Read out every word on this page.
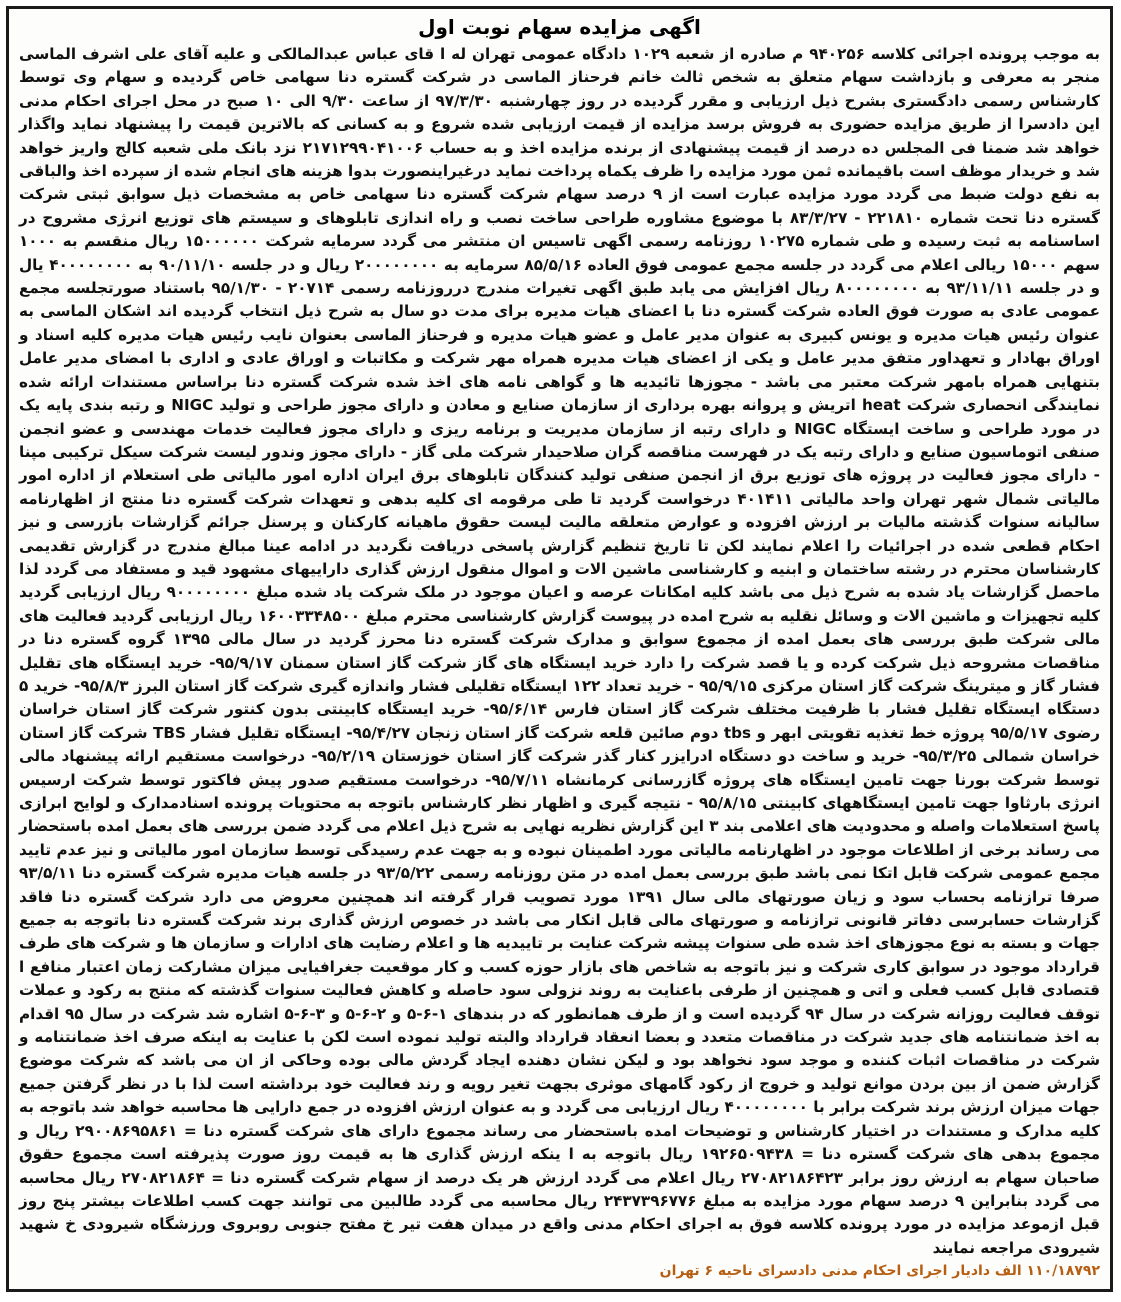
اگهی مزایده سهام نوبت اول

به موجب پرونده اجرائی کلاسه ۹۴۰۲۵۶ م صادره از شعبه ۱۰۲۹ دادگاه عمومی تهران له ا قای عباس عبدالمالکی و علیه آقای علی اشرف الماسی منجر به معرفی و بازداشت سهام متعلق به شخص ثالث خانم فرحناز الماسی در شرکت گستره دنا سهامی خاص گردیده و سهام وی توسط کارشناس رسمی دادگستری بشرح ذیل ارزیابی و مقرر گردیده در روز چهارشنبه ۹۷/۳/۳۰ از ساعت ۹/۳۰ الی ۱۰ صبح در محل اجرای احکام مدنی این دادسرا از طریق مزایده حضوری به فروش برسد مزایده از قیمت ارزیابی شده شروع و به کسانی که بالاترین قیمت را پیشنهاد نماید واگذار خواهد شد ضمنا فی المجلس ده درصد از قیمت پیشنهادی از برنده مزایده اخذ و به حساب ۲۱۷۱۲۹۹۰۴۱۰۰۶ نزد بانک ملی شعبه کالج واریز خواهد شد و خریدار موظف است باقیمانده ثمن مورد مزایده را ظرف یکماه پرداخت نماید درغیراینصورت بدوا هزینه های انجام شده از سپرده اخذ والباقی به نفع دولت ضبط می گردد مورد مزایده عبارت است از ۹ درصد سهام شرکت گستره دنا سهامی خاص به مشخصات ذیل سوابق ثبتی شرکت گستره دنا تحت شماره ۲۲۱۸۱۰ - ۸۳/۳/۲۷ با موضوع مشاوره طراحی ساخت نصب و راه اندازی تابلوهای و سیستم های توزیع انرژی مشروح در اساسنامه به ثبت رسیده و طی شماره ۱۰۲۷۵ روزنامه رسمی اگهی تاسیس ان منتشر می گردد سرمایه شرکت ۱۵۰۰۰۰۰۰ ریال منقسم به ۱۰۰۰ سهم ۱۵۰۰۰ ریالی اعلام می گردد در جلسه مجمع عمومی فوق العاده ۸۵/۵/۱۶ سرمایه به ۲۰۰۰۰۰۰۰۰ ریال و در جلسه ۹۰/۱۱/۱۰ به ۴۰۰۰۰۰۰۰۰ یال و در جلسه ۹۳/۱۱/۱۱ به ۸۰۰۰۰۰۰۰۰ ریال افزایش می یابد طبق اگهی تغیرات مندرج درروزنامه رسمی ۲۰۷۱۴ - ۹۵/۱/۳۰ باستناد صورتجلسه مجمع عمومی عادی به صورت فوق العاده شرکت گستره دنا با اعضای هیات مدیره برای مدت دو سال به شرح ذیل انتخاب گردیده اند اشکان الماسی به عنوان رئیس هیات مدیره و یونس کبیری به عنوان مدیر عامل و عضو هیات مدیره و فرحناز الماسی بعنوان نایب رئیس هیات مدیره کلیه اسناد و اوراق بهادار و تعهداور متفق مدیر عامل و یکی از اعضای هیات مدیره همراه مهر شرکت و مکاتبات و اوراق عادی و اداری با امضای مدیر عامل بتنهایی همراه بامهر شرکت معتبر می باشد - مجوزها تائیدیه ها و گواهی نامه های اخذ شده شرکت گستره دنا براساس مستندات ارائه شده نمایندگی انحصاری شرکت heat اتریش و پروانه بهره برداری از سازمان صنایع و معادن و دارای مجوز طراحی و تولید NIGC و رتبه بندی پایه یک در مورد طراحی و ساخت ایستگاه NIGC و دارای رتبه از سازمان مدیریت و برنامه ریزی و دارای مجوز فعالیت خدمات مهندسی و عضو انجمن صنفی اتوماسیون صنایع و دارای رتبه یک در فهرست مناقصه گران صلاحیدار شرکت ملی گاز - دارای مجوز وندور لیست شرکت سیکل ترکیبی مپنا - دارای مجوز فعالیت در پروژه های توزیع برق از انجمن صنفی تولید کنندگان تابلوهای برق ایران اداره امور مالیاتی طی استعلام از اداره امور مالیاتی شمال شهر تهران واحد مالیاتی ۴۰۱۴۱۱ درخواست گردید تا طی مرقومه ای کلیه بدهی و تعهدات شرکت گستره دنا منتج از اظهارنامه سالیانه سنوات گذشته مالیات بر ارزش افزوده و عوارض متعلقه مالیت لیست حقوق ماهیانه کارکنان و پرسنل جرائم گزارشات بازرسی و نیز احکام قطعی شده در اجرائیات را اعلام نمایند لکن تا تاریخ تنظیم گزارش پاسخی دریافت نگردید در ادامه عینا مبالغ مندرج در گزارش تقدیمی کارشناسان محترم در رشته ساختمان و ابنیه و کارشناسی ماشین الات و اموال منقول ارزش گذاری داراییهای مشهود قید و مستفاد می گردد لذا ماحصل گزارشات یاد شده به شرح ذیل می باشد کلیه امکانات عرصه و اعیان موجود در ملک شرکت یاد شده مبلغ ۹۰۰۰۰۰۰۰۰ ریال ارزیابی گردید کلیه تجهیزات و ماشین الات و وسائل نقلیه به شرح امده در پیوست گزارش کارشناسی محترم مبلغ ۱۶۰۰۳۳۴۸۵۰۰ ریال ارزیابی گردید فعالیت های مالی شرکت طبق بررسی های بعمل امده از مجموع سوابق و مدارک شرکت گستره دنا محرز گردید در سال مالی ۱۳۹۵ گروه گستره دنا در مناقصات مشروحه ذیل شرکت کرده و یا قصد شرکت را دارد خرید ایستگاه های گاز شرکت گاز استان سمنان ۹۵/۹/۱۷- خرید ایستگاه های تقلیل فشار گاز و میترینگ شرکت گاز استان مرکزی ۹۵/۹/۱۵ - خرید تعداد ۱۲۲ ایستگاه تقلیلی فشار واندازه گیری شرکت گاز استان البرز ۹۵/۸/۳- خرید ۵ دستگاه ایستگاه تقلیل فشار با ظرفیت مختلف شرکت گاز استان فارس ۹۵/۶/۱۴- خرید ایستگاه کابینتی بدون کنتور شرکت گاز استان خراسان رضوی ۹۵/۵/۱۷ پروژه خط تغذیه تقویتی ابهر و tbs دوم صائین قلعه شرکت گاز استان زنجان ۹۵/۴/۲۷- ایستگاه تقلیل فشار TBS شرکت گاز استان خراسان شمالی ۹۵/۳/۲۵- خرید و ساخت دو دستگاه ادرایزر کنار گذر شرکت گاز استان خوزستان ۹۵/۲/۱۹- درخواست مستقیم ارائه پیشنهاد مالی توسط شرکت بورنا جهت تامین ایستگاه های پروژه گازرسانی کرمانشاه ۹۵/۷/۱۱- درخواست مستقیم صدور پیش فاکتور توسط شرکت ارسیس انرژی بارثاوا جهت تامین ایستگاههای کابینتی ۹۵/۸/۱۵ - نتیجه گیری و اظهار نظر کارشناس باتوجه به محتویات پرونده اسنادمدارک و لوایح ابرازی پاسخ استعلامات واصله و محدودیت های اعلامی بند ۳ این گزارش نظریه نهایی به شرح ذیل اعلام می گردد ضمن بررسی های بعمل امده باستحضار می رساند برخی از اطلاعات موجود در اظهارنامه مالیاتی مورد اطمینان نبوده و به جهت عدم رسیدگی توسط سازمان امور مالیاتی و نیز عدم تایید مجمع عمومی شرکت قابل اتکا نمی باشد طبق بررسی بعمل امده در متن روزنامه رسمی ۹۳/۵/۲۲ در جلسه هیات مدیره شرکت گستره دنا ۹۳/۵/۱۱ صرفا ترازنامه بحساب سود و زیان صورتهای مالی سال ۱۳۹۱ مورد تصویب قرار گرفته اند همچنین معروض می دارد شرکت گستره دنا فاقد گزارشات حسابرسی دفاتر قانونی ترازنامه و صورتهای مالی قابل انکار می باشد در خصوص ارزش گذاری برند شرکت گستره دنا باتوجه به جمیع جهات و بسته به نوع مجوزهای اخذ شده طی سنوات پیشه شرکت عنایت بر تاییدیه ها و اعلام رضایت های ادارات و سازمان ها و شرکت های طرف قرارداد موجود در سوابق کاری شرکت و نیز باتوجه به شاخص های بازار حوزه کسب و کار موقعیت جغرافیایی میزان مشارکت زمان اعتبار منافع ا قتصادی قابل کسب فعلی و اتی و همچنین از طرفی باعنایت به روند نزولی سود حاصله و کاهش فعالیت سنوات گذشته که منتج به رکود و عملات توقف فعالیت روزانه شرکت در سال ۹۴ گردیده است و از طرف همانطور که در بندهای ۱-۶-۵ و ۲-۶-۵ و ۳-۶-۵ اشاره شد شرکت در سال ۹۵ اقدام به اخذ ضمانتنامه های جدید شرکت در مناقصات متعدد و بعضا انعقاد قرارداد والبته تولید نموده است لکن با عنایت به اینکه صرف اخذ ضمانتنامه و شرکت در مناقصات اثبات کننده و موجد سود نخواهد بود و لیکن نشان دهنده ایجاد گردش مالی بوده وحاکی از ان می باشد که شرکت موضوع گزارش ضمن از بین بردن موانع تولید و خروج از رکود گامهای موثری بجهت تغیر رویه و رند فعالیت خود برداشته است لذا با در نظر گرفتن جمیع جهات میزان ارزش برند شرکت برابر با ۴۰۰۰۰۰۰۰۰ ریال ارزیابی می گردد و به عنوان ارزش افزوده در جمع دارایی ها محاسبه خواهد شد باتوجه به کلیه مدارک و مستندات در اختیار کارشناس و توضیحات امده باستحضار می رساند مجموع دارای های شرکت گستره دنا = ۲۹۰۰۸۶۹۵۸۶۱ ریال و مجموع بدهی های شرکت گستره دنا = ۱۹۲۶۵۰۹۴۳۸ ریال باتوجه به ا ینکه ارزش گذاری ها به قیمت روز صورت پذیرفته است مجموع حقوق صاحبان سهام به ارزش روز برابر ۲۷۰۸۲۱۸۶۴۲۳ ریال اعلام می گردد ارزش هر یک درصد از سهام شرکت گستره دنا = ۲۷۰۸۲۱۸۶۴ ریال محاسبه می گردد بنابراین ۹ درصد سهام مورد مزایده به مبلغ ۲۴۳۷۳۹۶۷۷۶ ریال محاسبه می گردد طالبین می توانند جهت کسب اطلاعات بیشتر پنج روز قبل ازموعد مزایده در مورد پرونده کلاسه فوق به اجرای احکام مدنی واقع در میدان هفت تیر خ مفتح جنوبی روبروی ورزشگاه شیرودی خ شهید شیرودی مراجعه نمایند

۱۱۰/۱۸۷۹۲ الف دادیار اجرای احکام مدنی دادسرای ناحیه ۶ تهران
